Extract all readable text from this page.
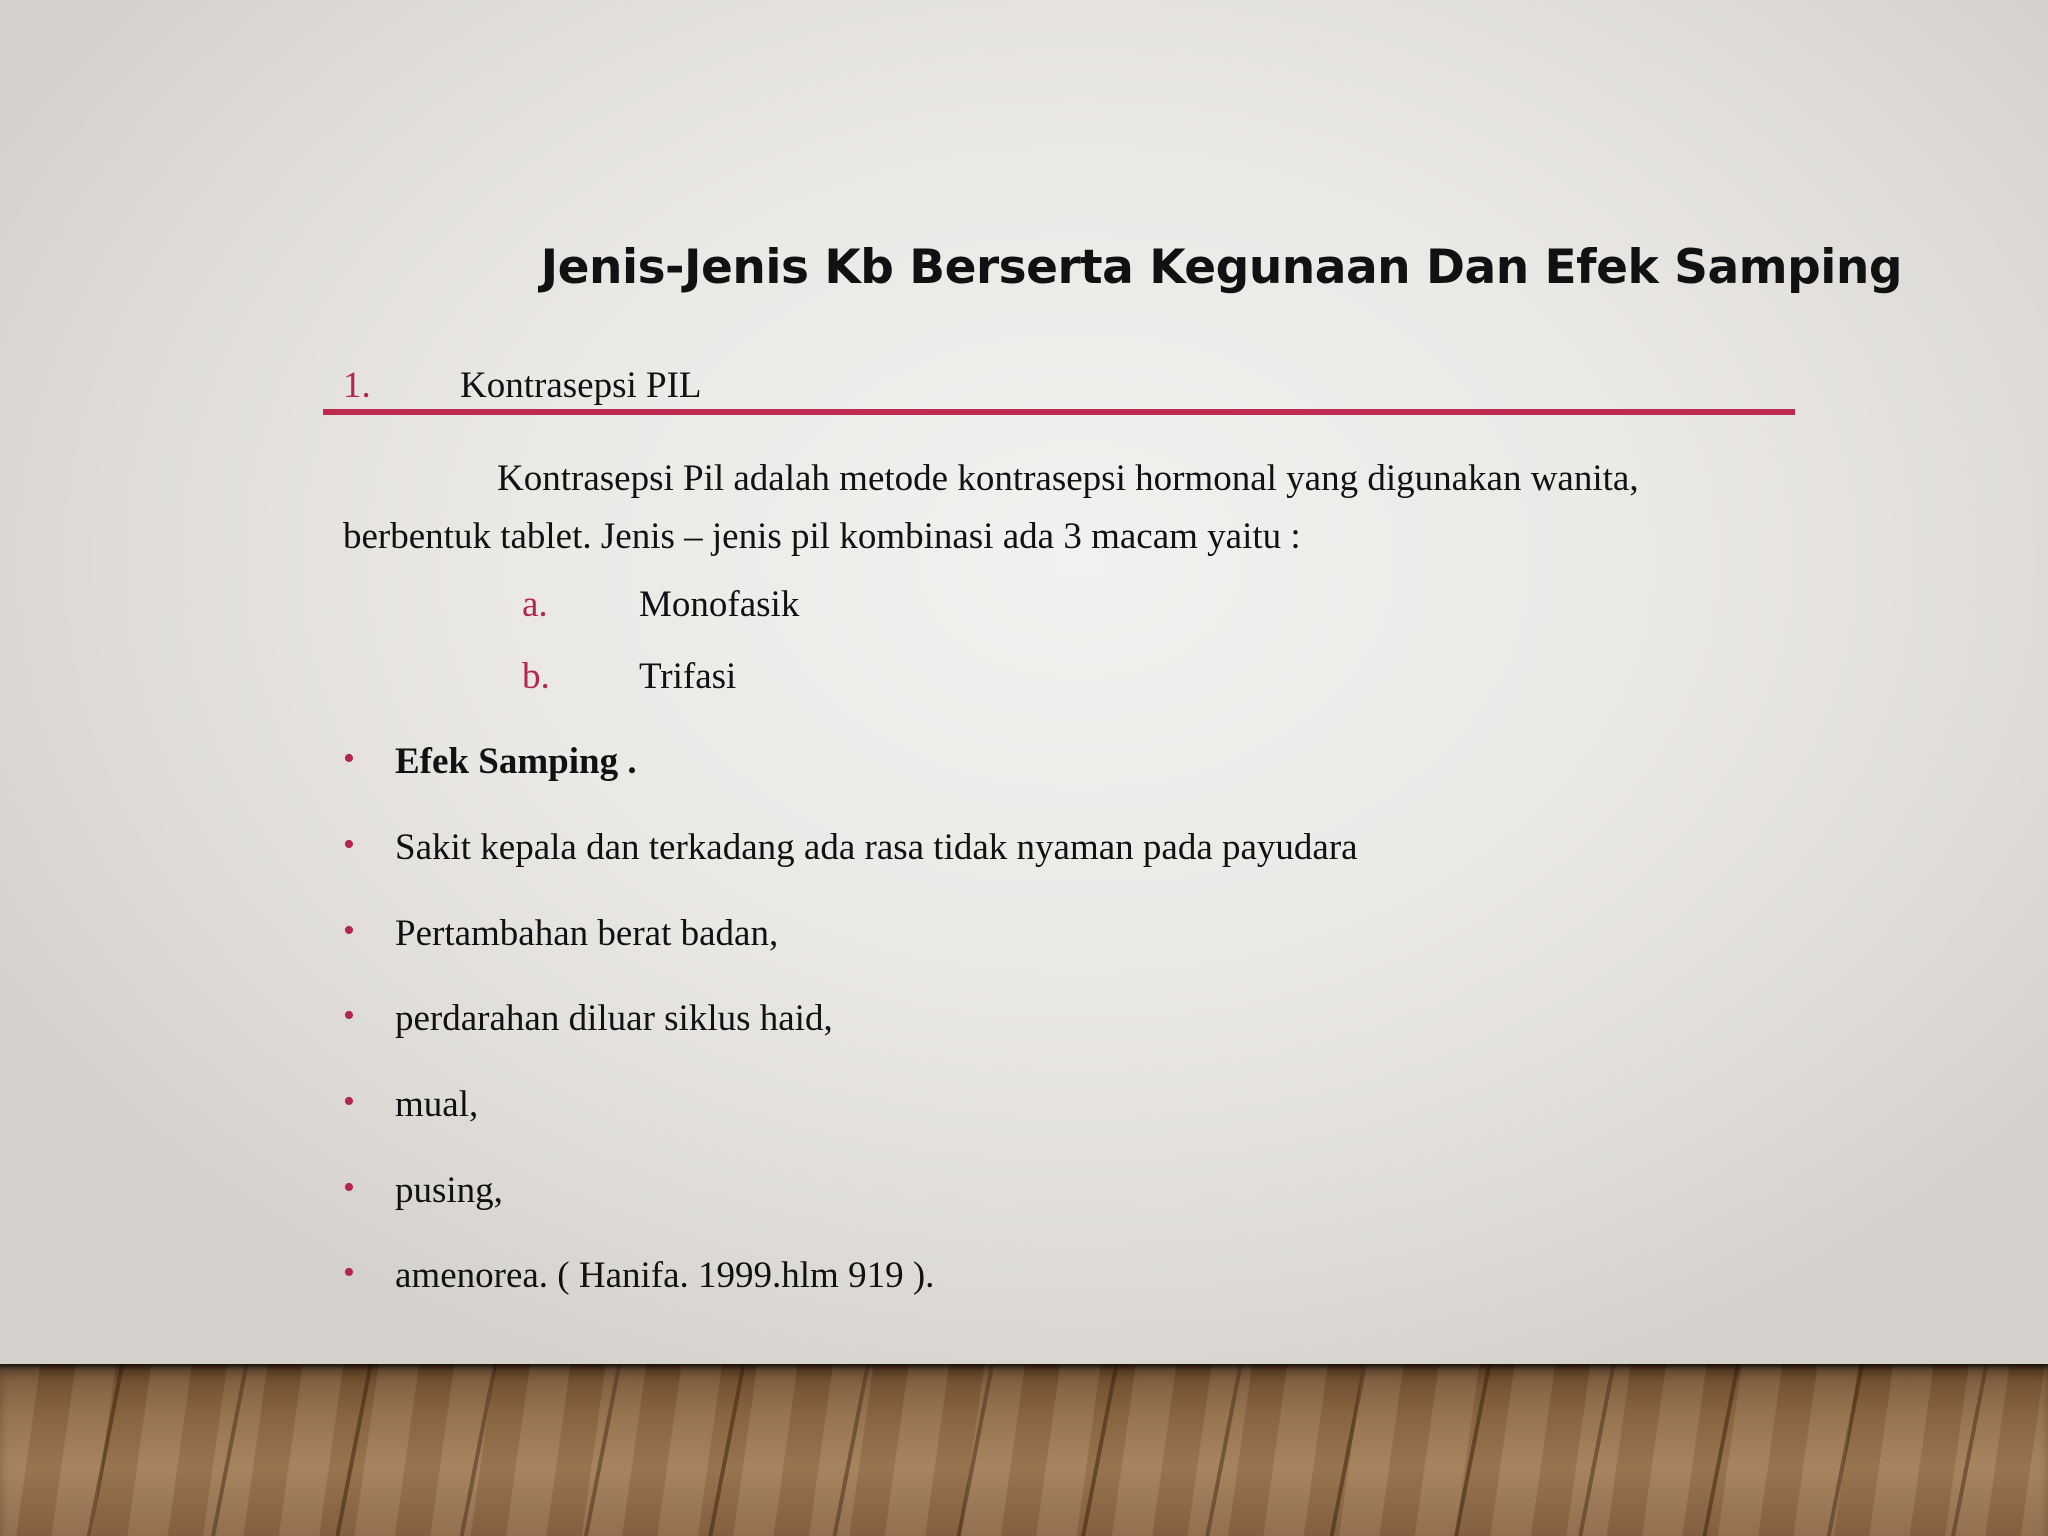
Jenis-Jenis Kb Berserta Kegunaan Dan Efek Samping
1. Kontrasepsi PIL
Kontrasepsi Pil adalah metode kontrasepsi hormonal yang digunakan wanita, berbentuk tablet. Jenis – jenis pil kombinasi ada 3 macam yaitu :
a. Monofasik
b. Trifasi
• Efek Samping .
• Sakit kepala dan terkadang ada rasa tidak nyaman pada payudara
• Pertambahan berat badan,
• perdarahan diluar siklus haid,
• mual,
• pusing,
• amenorea. ( Hanifa. 1999.hlm 919 ).
